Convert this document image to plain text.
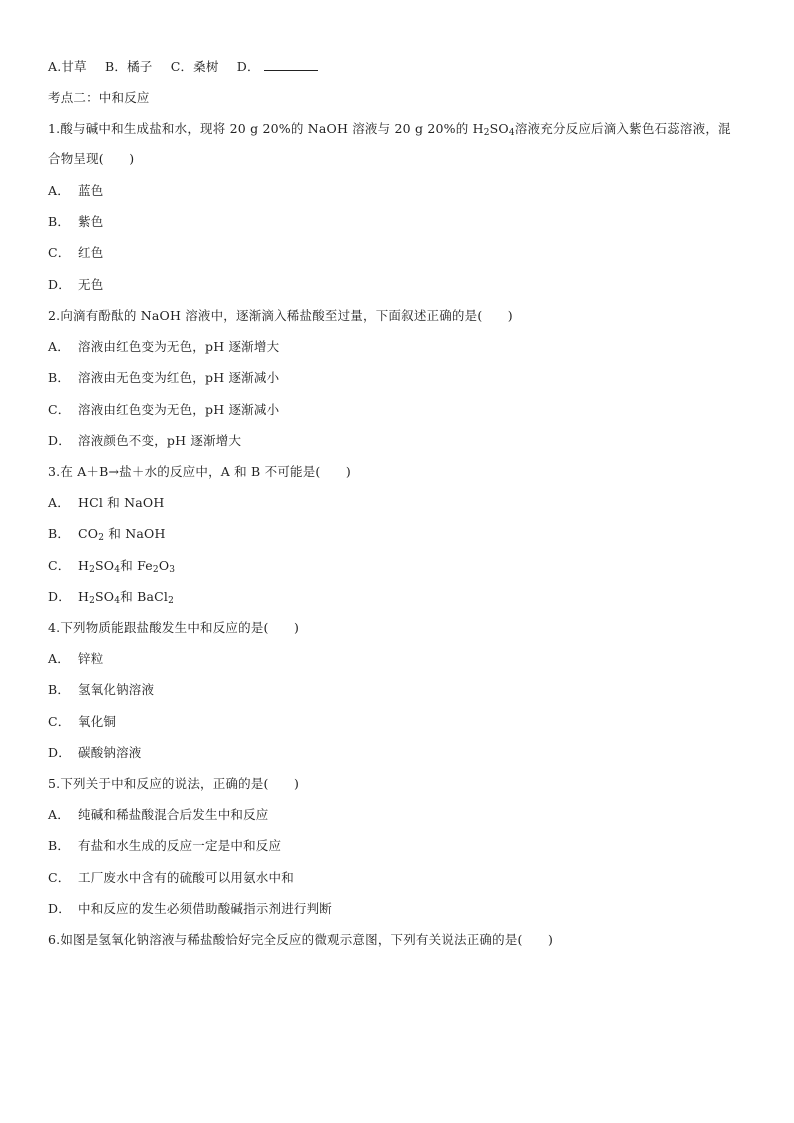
A.甘草 B．橘子 C．桑树 D．
考点二：中和反应
1.酸与碱中和生成盐和水，现将 20 g 20%的 NaOH 溶液与 20 g 20%的 $H_2SO_4$溶液充分反应后滴入紫色石蕊溶液，混
合物呈现(　　)
A． 蓝色
B． 紫色
C． 红色
D． 无色
2.向滴有酚酞的 NaOH 溶液中，逐渐滴入稀盐酸至过量，下面叙述正确的是(　　)
A． 溶液由红色变为无色，pH 逐渐增大
B． 溶液由无色变为红色，pH 逐渐减小
C． 溶液由红色变为无色，pH 逐渐减小
D． 溶液颜色不变，pH 逐渐增大
3.在 A＋B→盐＋水的反应中，A 和 B 不可能是(　　)
A． HCl 和 NaOH
B． $CO_2$ 和 NaOH
C． $H_2SO_4$和 $Fe_2O_3$
D． $H_2SO_4$和 BaCl$_2$
4.下列物质能跟盐酸发生中和反应的是(　　)
A． 锌粒
B． 氢氧化钠溶液
C． 氧化铜
D． 碳酸钠溶液
5.下列关于中和反应的说法，正确的是(　　)
A． 纯碱和稀盐酸混合后发生中和反应
B． 有盐和水生成的反应一定是中和反应
C． 工厂废水中含有的硫酸可以用氨水中和
D． 中和反应的发生必须借助酸碱指示剂进行判断
6.如图是氢氧化钠溶液与稀盐酸恰好完全反应的微观示意图，下列有关说法正确的是(　　)
